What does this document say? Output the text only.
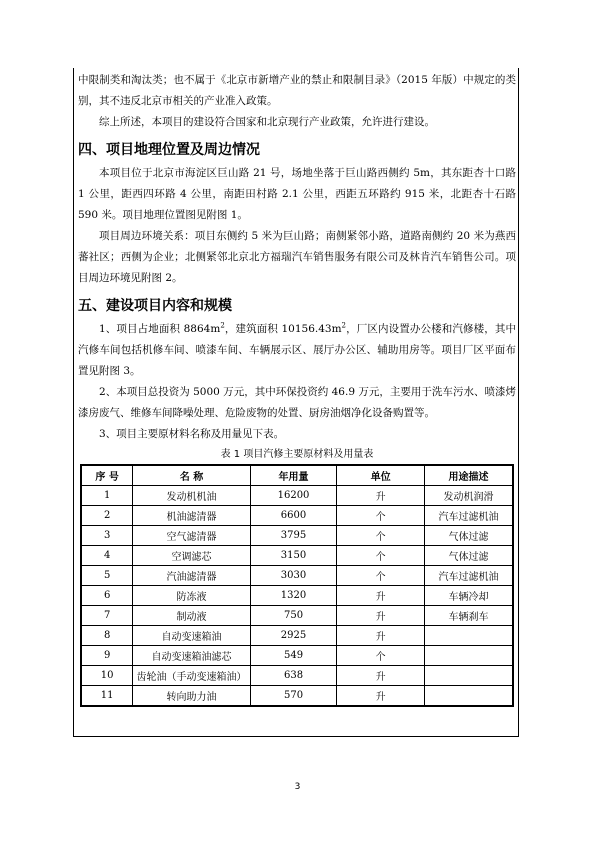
中限制类和淘汰类；也不属于《北京市新增产业的禁止和限制目录》（2015 年版）中规定的类别，其不违反北京市相关的产业准入政策。

综上所述，本项目的建设符合国家和北京现行产业政策，允许进行建设。

四、项目地理位置及周边情况

本项目位于北京市海淀区巨山路 21 号，场地坐落于巨山路西侧约 5m，其东距杏十口路 1 公里，距西四环路 4 公里，南距田村路 2.1 公里，西距五环路约 915 米，北距杏十石路 590 米。项目地理位置图见附图 1。

项目周边环境关系：项目东侧约 5 米为巨山路；南侧紧邻小路，道路南侧约 20 米为燕西蕃社区；西侧为企业；北侧紧邻北京北方福瑞汽车销售服务有限公司及林肯汽车销售公司。项目周边环境见附图 2。

五、建设项目内容和规模

1、项目占地面积 $8864m^2$，建筑面积 $10156.43m^2$，厂区内设置办公楼和汽修楼，其中汽修车间包括机修车间、喷漆车间、车辆展示区、展厅办公区、辅助用房等。项目厂区平面布置见附图 3。

2、本项目总投资为 5000 万元，其中环保投资约 46.9 万元，主要用于洗车污水、喷漆烤漆房废气、维修车间降噪处理、危险废物的处置、厨房油烟净化设备购置等。

3、项目主要原材料名称及用量见下表。

表 1 项目汽修主要原材料及用量表
序 号	名 称	年用量	单位	用途描述
1	发动机机油	16200	升	发动机润滑
2	机油滤清器	6600	个	汽车过滤机油
3	空气滤清器	3795	个	气体过滤
4	空调滤芯	3150	个	气体过滤
5	汽油滤清器	3030	个	汽车过滤机油
6	防冻液	1320	升	车辆冷却
7	制动液	750	升	车辆刹车
8	自动变速箱油	2925	升	
9	自动变速箱油滤芯	549	个	
10	齿轮油（手动变速箱油）	638	升	
11	转向助力油	570	升	
3
